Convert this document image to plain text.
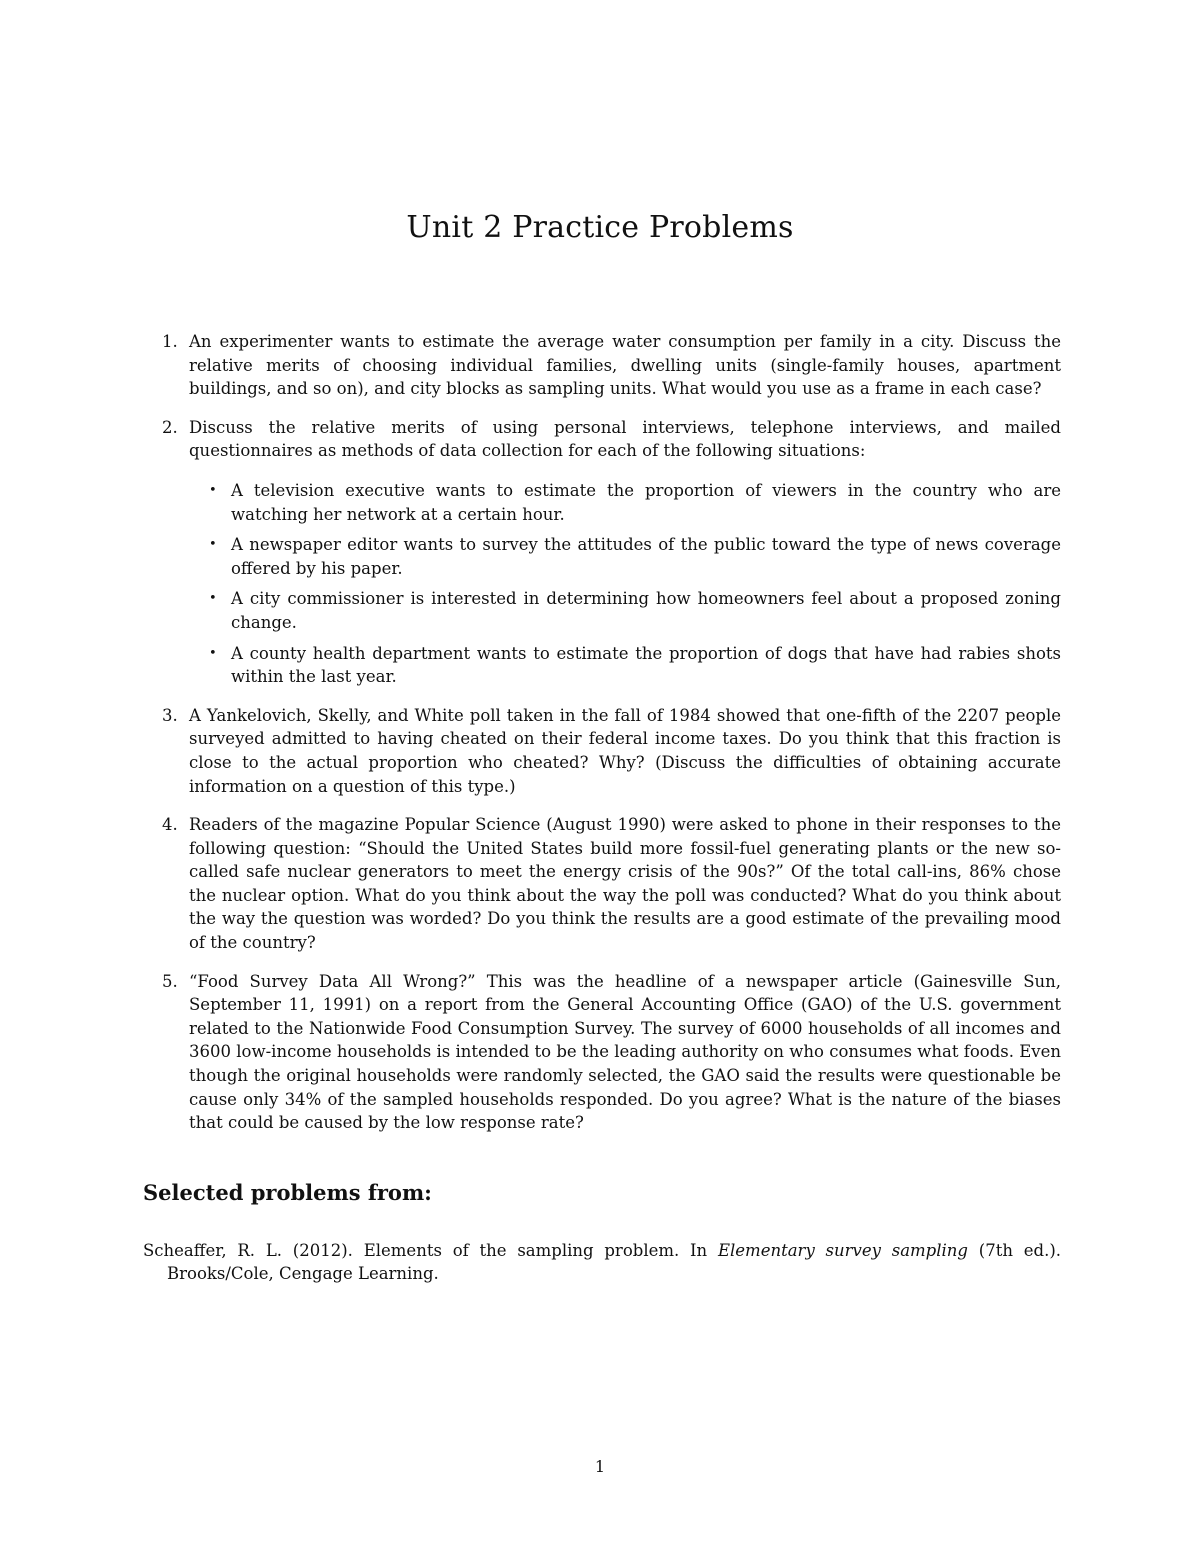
Unit 2 Practice Problems
1. An experimenter wants to estimate the average water consumption per family in a city. Discuss the relative merits of choosing individual families, dwelling units (single-family houses, apartment buildings, and so on), and city blocks as sampling units. What would you use as a frame in each case?
2. Discuss the relative merits of using personal interviews, telephone interviews, and mailed questionnaires as methods of data collection for each of the following situations:
• A television executive wants to estimate the proportion of viewers in the country who are watching her network at a certain hour.
• A newspaper editor wants to survey the attitudes of the public toward the type of news coverage offered by his paper.
• A city commissioner is interested in determining how homeowners feel about a proposed zoning change.
• A county health department wants to estimate the proportion of dogs that have had rabies shots within the last year.
3. A Yankelovich, Skelly, and White poll taken in the fall of 1984 showed that one-fifth of the 2207 people surveyed admitted to having cheated on their federal income taxes. Do you think that this fraction is close to the actual proportion who cheated? Why? (Discuss the difficulties of obtaining accurate information on a question of this type.)
4. Readers of the magazine Popular Science (August 1990) were asked to phone in their responses to the following question: “Should the United States build more fossil-fuel generating plants or the new so-called safe nuclear generators to meet the energy crisis of the 90s?” Of the total call-ins, 86% chose the nuclear option. What do you think about the way the poll was conducted? What do you think about the way the question was worded? Do you think the results are a good estimate of the prevailing mood of the country?
5. “Food Survey Data All Wrong?” This was the headline of a newspaper article (Gainesville Sun, September 11, 1991) on a report from the General Accounting Office (GAO) of the U.S. government related to the Nationwide Food Consumption Survey. The survey of 6000 households of all incomes and 3600 low-income households is intended to be the leading authority on who consumes what foods. Even though the original households were randomly selected, the GAO said the results were questionable be cause only 34% of the sampled households responded. Do you agree? What is the nature of the biases that could be caused by the low response rate?
Selected problems from:

Scheaffer, R. L. (2012). Elements of the sampling problem. In Elementary survey sampling (7th ed.). Brooks/Cole, Cengage Learning.

1
